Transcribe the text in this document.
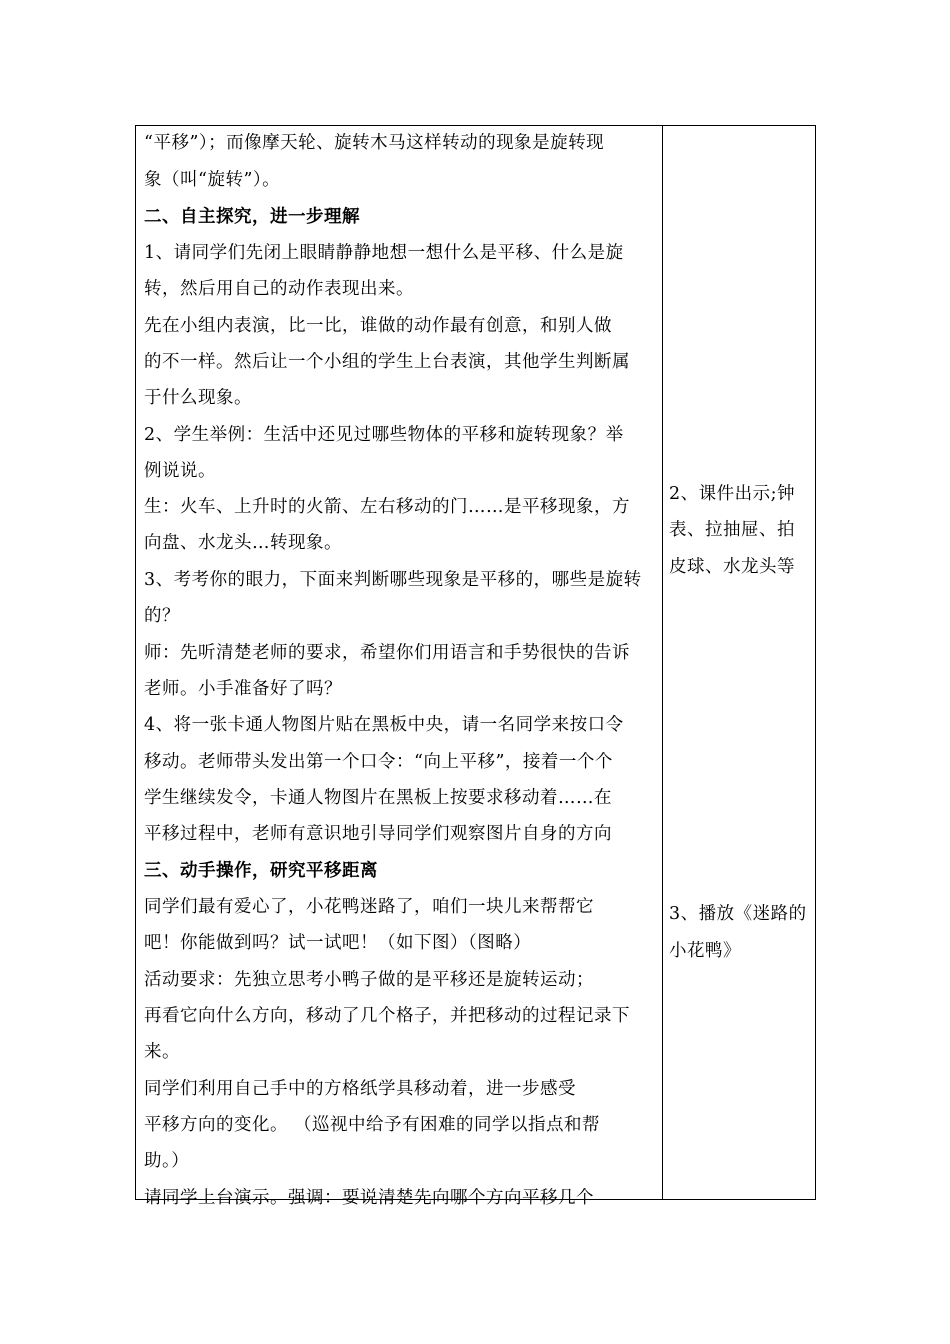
“平移”）；而像摩天轮、旋转木马这样转动的现象是旋转现
象（叫“旋转”）。
二、自主探究，进一步理解
1、请同学们先闭上眼睛静静地想一想什么是平移、什么是旋
转，然后用自己的动作表现出来。
先在小组内表演，比一比，谁做的动作最有创意，和别人做
的不一样。然后让一个小组的学生上台表演，其他学生判断属
于什么现象。
2、学生举例：生活中还见过哪些物体的平移和旋转现象？举
例说说。
生：火车、上升时的火箭、左右移动的门……是平移现象，方
向盘、水龙头…转现象。
3、考考你的眼力，下面来判断哪些现象是平移的，哪些是旋转
的？
师：先听清楚老师的要求，希望你们用语言和手势很快的告诉
老师。小手准备好了吗？
4、将一张卡通人物图片贴在黑板中央，请一名同学来按口令
移动。老师带头发出第一个口令：“向上平移”，接着一个个
学生继续发令，卡通人物图片在黑板上按要求移动着……在
平移过程中，老师有意识地引导同学们观察图片自身的方向
三、动手操作，研究平移距离
同学们最有爱心了，小花鸭迷路了，咱们一块儿来帮帮它
吧！你能做到吗？试一试吧！（如下图）（图略）
活动要求：先独立思考小鸭子做的是平移还是旋转运动；
再看它向什么方向，移动了几个格子，并把移动的过程记录下
来。
同学们利用自己手中的方格纸学具移动着，进一步感受
平移方向的变化。 （巡视中给予有困难的同学以指点和帮
助。）
请同学上台演示。强调：要说清楚先向哪个方向平移几个
2、课件出示;钟
表、拉抽屉、拍
皮球、水龙头等
3、播放《迷路的
小花鸭》
